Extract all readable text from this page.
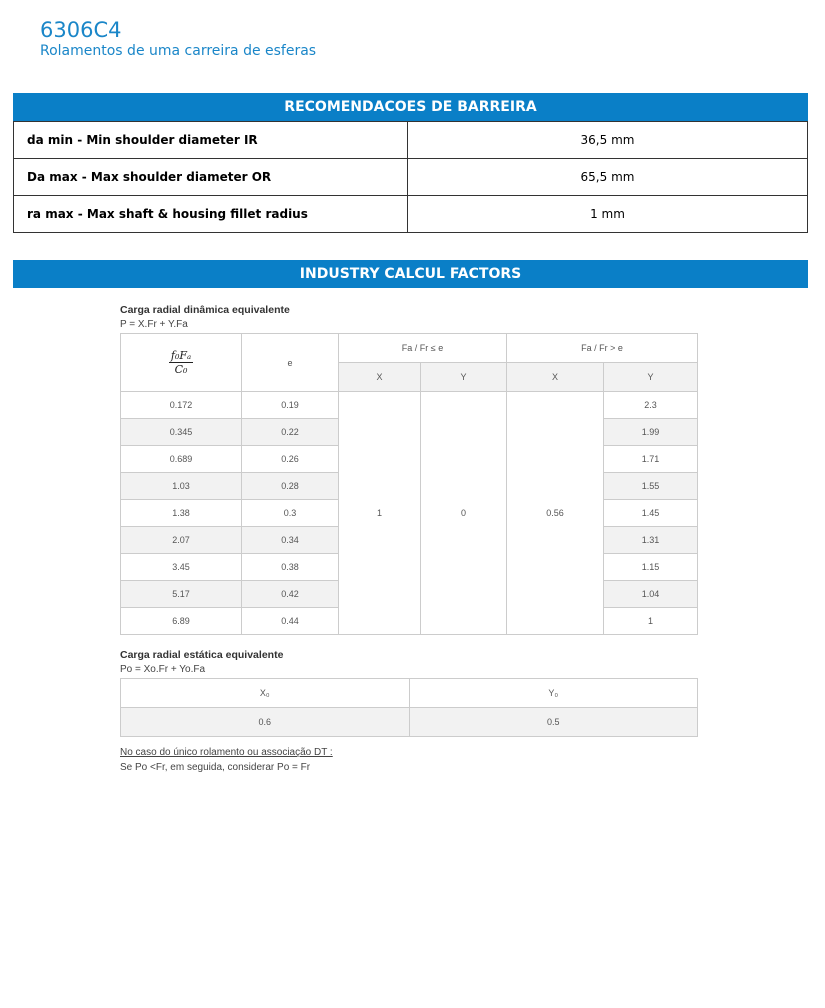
6306C4
Rolamentos de uma carreira de esferas
RECOMENDACOES DE BARREIRA
da min - Min shoulder diameter IR	36,5 mm
Da max - Max shoulder diameter OR	65,5 mm
ra max - Max shaft & housing fillet radius	1 mm
INDUSTRY CALCUL FACTORS
Carga radial dinâmica equivalente
P = X.Fr + Y.Fa
$\frac{\text{f₀Fₐ}}{\text{C₀}}$	e	Fa / Fr ≤ e		Fa / Fr > e	
		X	Y	X	Y
0.172	0.19	1	0	0.56	2.3
0.345	0.22				1.99
0.689	0.26				1.71
1.03	0.28				1.55
1.38	0.3				1.45
2.07	0.34				1.31
3.45	0.38				1.15
5.17	0.42				1.04
6.89	0.44				1
Carga radial estática equivalente
Po = Xo.Fr + Yo.Fa
X₀	Y₀
0.6	0.5
No caso do único rolamento ou associação DT :
Se Po <Fr, em seguida, considerar Po = Fr
